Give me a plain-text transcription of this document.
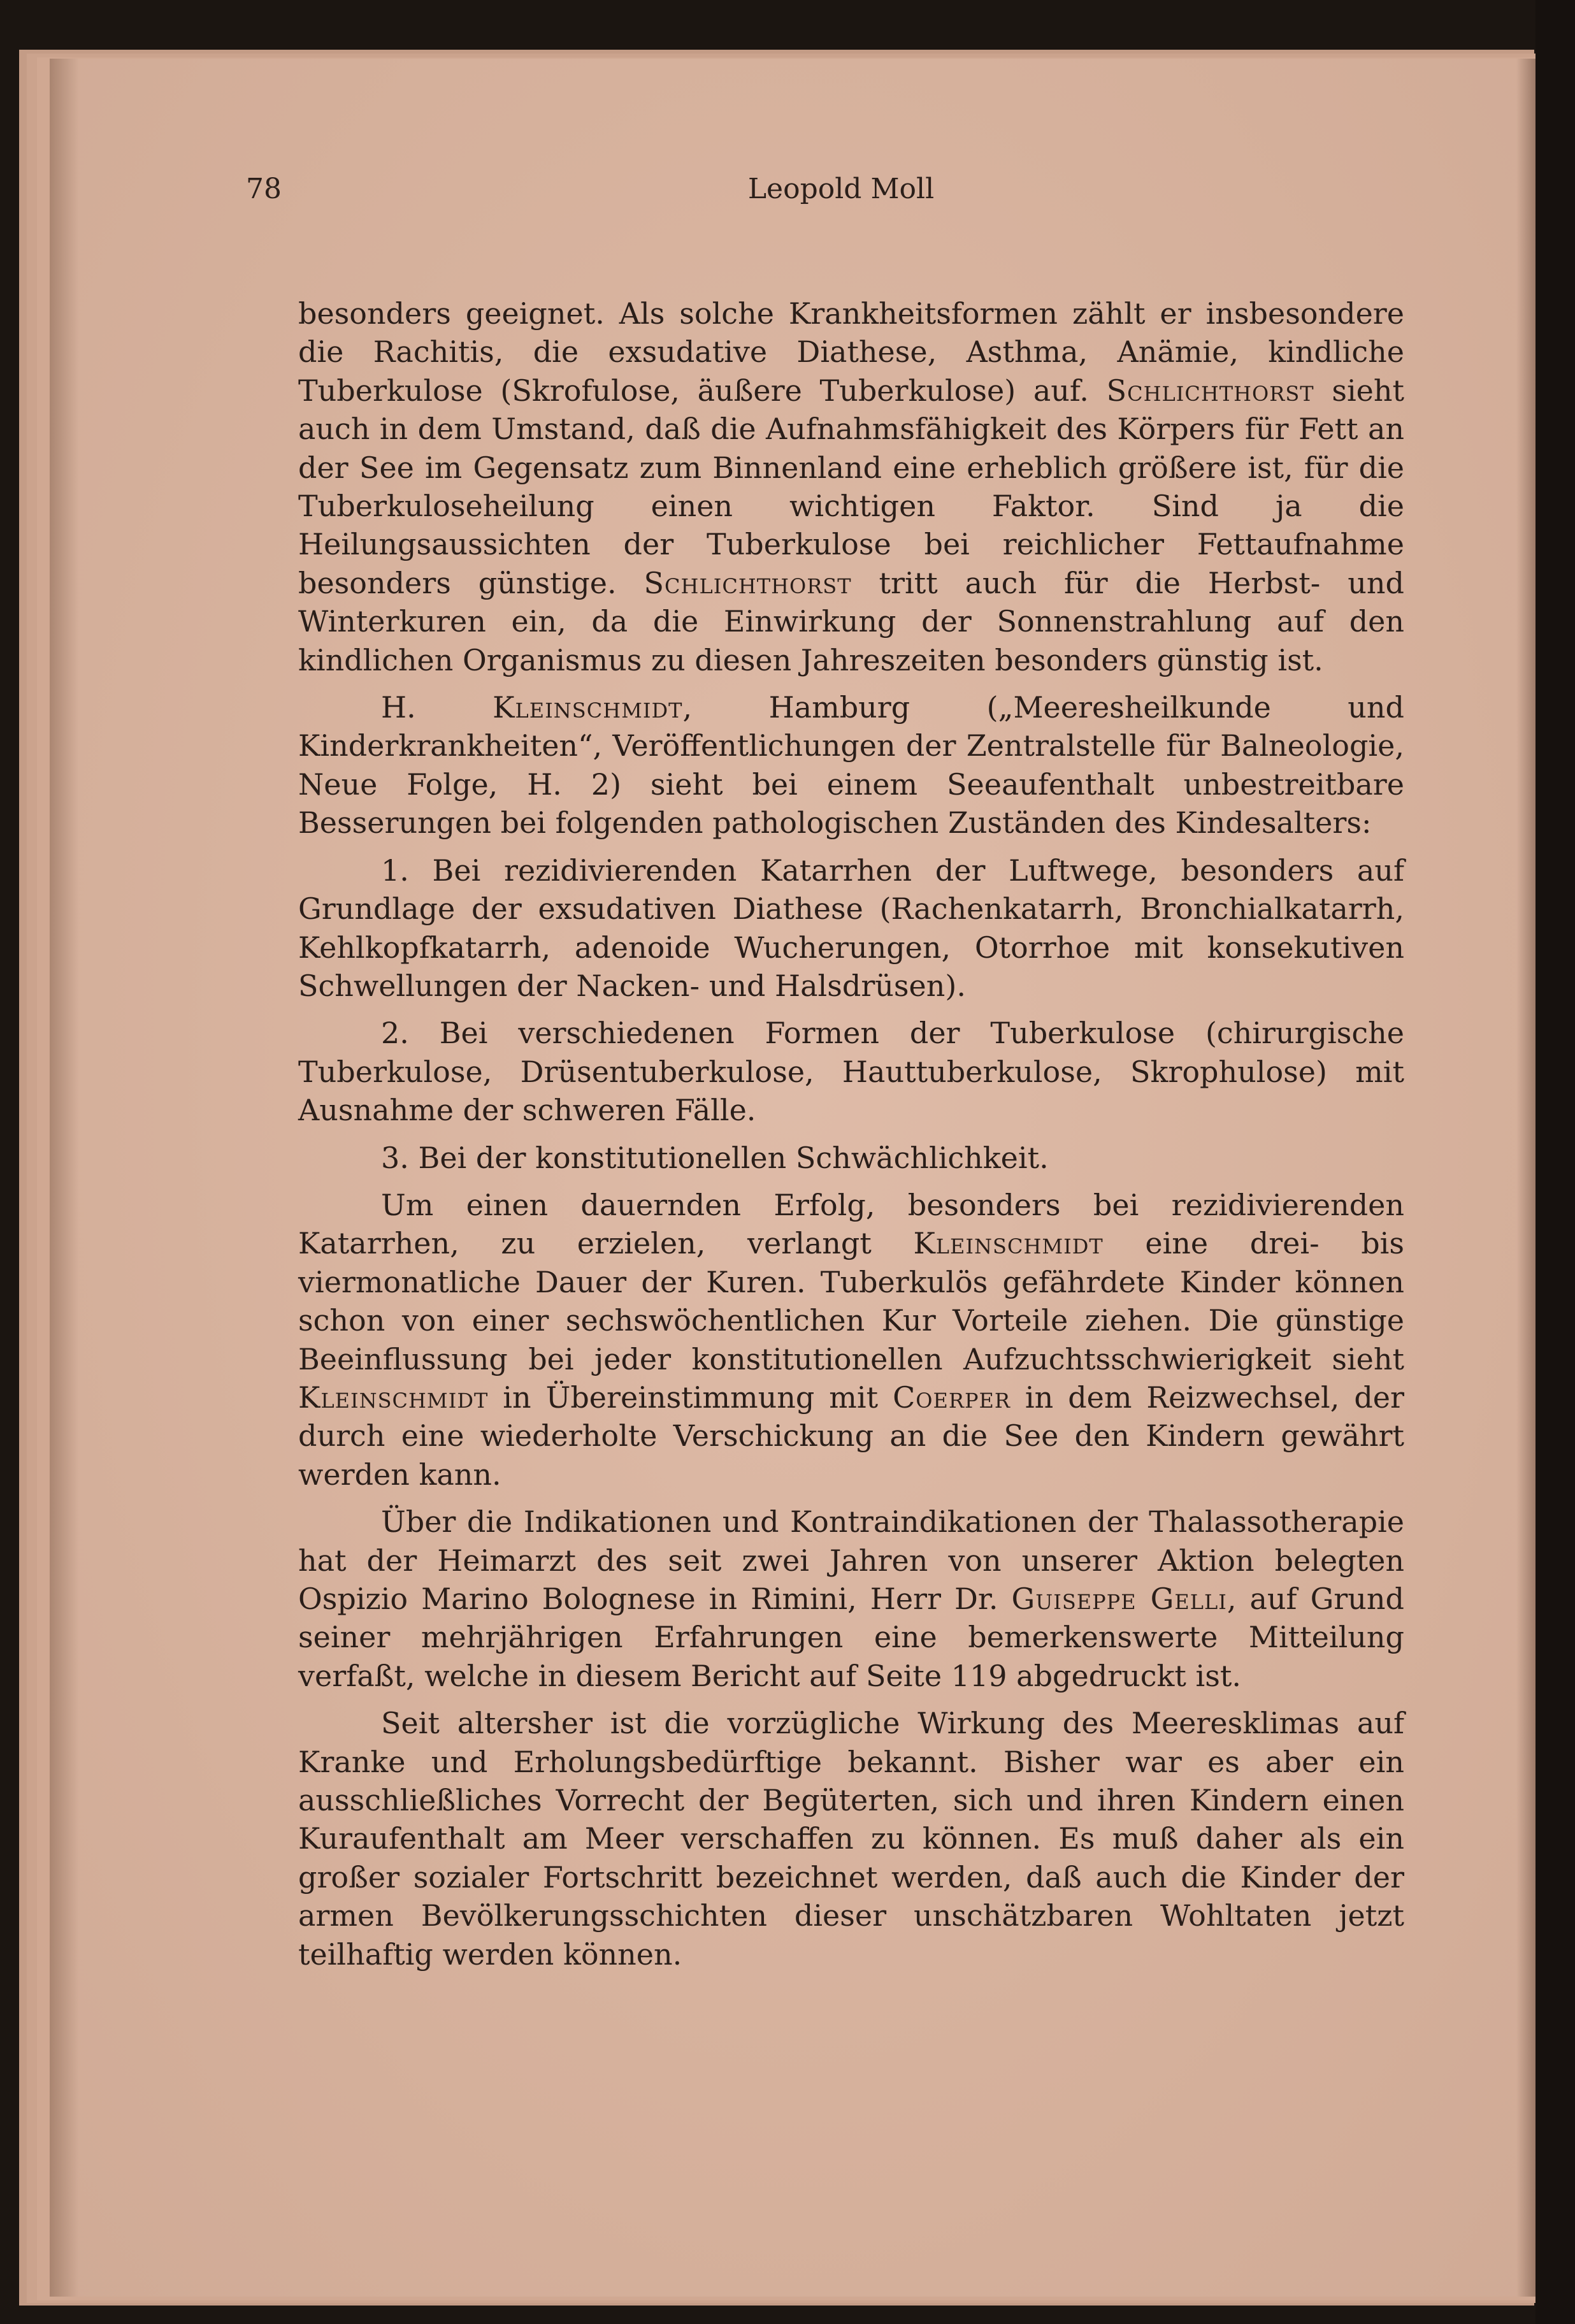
78	Leopold Moll

besonders geeignet. Als solche Krankheitsformen zählt er insbesondere die Rachitis, die exsudative Diathese, Asthma, Anämie, kindliche Tuberkulose (Skrofulose, äußere Tuberkulose) auf. Schlichthorst sieht auch in dem Umstand, daß die Aufnahmsfähigkeit des Körpers für Fett an der See im Gegensatz zum Binnenland eine erheblich größere ist, für die Tuberkuloseheilung einen wichtigen Faktor. Sind ja die Heilungsaussichten der Tuberkulose bei reichlicher Fettaufnahme besonders günstige. Schlichthorst tritt auch für die Herbst- und Winterkuren ein, da die Einwirkung der Sonnenstrahlung auf den kindlichen Organismus zu diesen Jahreszeiten besonders günstig ist.

H. Kleinschmidt, Hamburg („Meeresheilkunde und Kinderkrankheiten“, Veröffentlichungen der Zentralstelle für Balneologie, Neue Folge, H. 2) sieht bei einem Seeaufenthalt unbestreitbare Besserungen bei folgenden pathologischen Zuständen des Kindesalters:

1. Bei rezidivierenden Katarrhen der Luftwege, besonders auf Grundlage der exsudativen Diathese (Rachenkatarrh, Bronchialkatarrh, Kehlkopfkatarrh, adenoide Wucherungen, Otorrhoe mit konsekutiven Schwellungen der Nacken- und Halsdrüsen).

2. Bei verschiedenen Formen der Tuberkulose (chirurgische Tuberkulose, Drüsentuberkulose, Hauttuberkulose, Skrophulose) mit Ausnahme der schweren Fälle.

3. Bei der konstitutionellen Schwächlichkeit.

Um einen dauernden Erfolg, besonders bei rezidivierenden Katarrhen, zu erzielen, verlangt Kleinschmidt eine drei- bis viermonatliche Dauer der Kuren. Tuberkulös gefährdete Kinder können schon von einer sechswöchentlichen Kur Vorteile ziehen. Die günstige Beeinflussung bei jeder konstitutionellen Aufzuchtsschwierigkeit sieht Kleinschmidt in Übereinstimmung mit Coerper in dem Reizwechsel, der durch eine wiederholte Verschickung an die See den Kindern gewährt werden kann.

Über die Indikationen und Kontraindikationen der Thalassotherapie hat der Heimarzt des seit zwei Jahren von unserer Aktion belegten Ospizio Marino Bolognese in Rimini, Herr Dr. Guiseppe Gelli, auf Grund seiner mehrjährigen Erfahrungen eine bemerkenswerte Mitteilung verfaßt, welche in diesem Bericht auf Seite 119 abgedruckt ist.

Seit altersher ist die vorzügliche Wirkung des Meeresklimas auf Kranke und Erholungsbedürftige bekannt. Bisher war es aber ein ausschließliches Vorrecht der Begüterten, sich und ihren Kindern einen Kuraufenthalt am Meer verschaffen zu können. Es muß daher als ein großer sozialer Fortschritt bezeichnet werden, daß auch die Kinder der armen Bevölkerungsschichten dieser unschätzbaren Wohltaten jetzt teilhaftig werden können.
